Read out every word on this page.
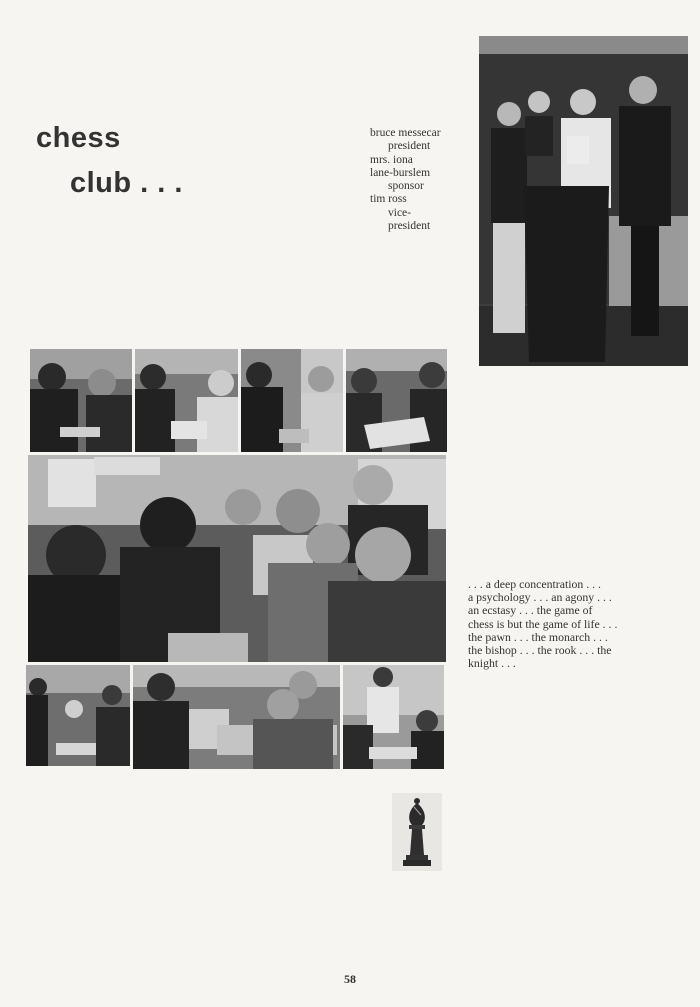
chess
club . . .
bruce messecar
president
mrs. iona
lane-burslem
sponsor
tim ross
vice-
president
. . . a deep concentration . . .
a psychology . . . an agony . . .
an ecstasy . . . the game of
chess is but the game of life . . .
the pawn . . . the monarch . . .
the bishop . . . the rook . . . the
knight . . .
58
